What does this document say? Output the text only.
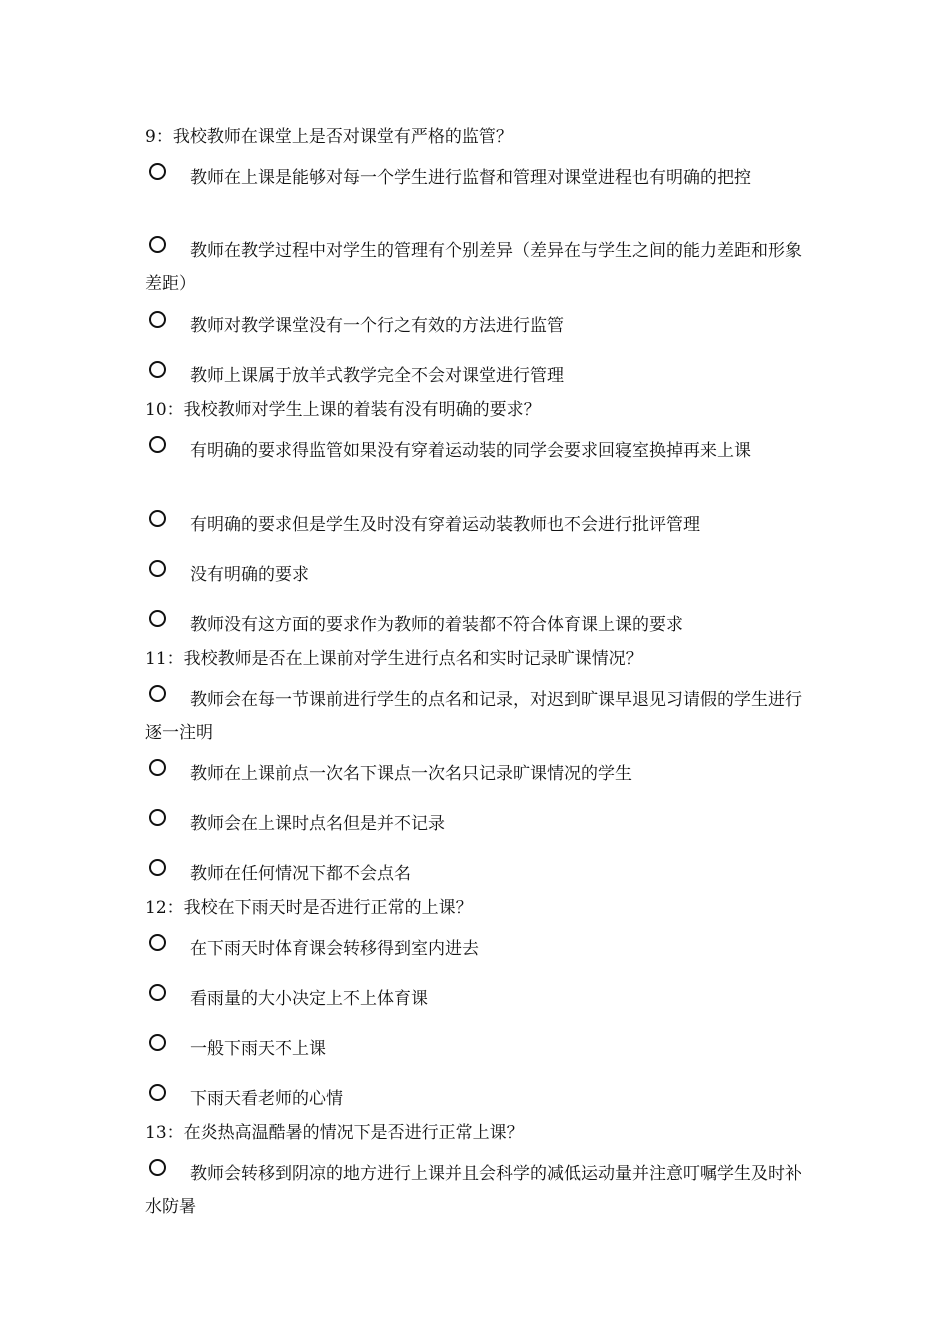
9：我校教师在课堂上是否对课堂有严格的监管？
教师在上课是能够对每一个学生进行监督和管理对课堂进程也有明确的把控
教师在教学过程中对学生的管理有个别差异（差异在与学生之间的能力差距和形象差距）
教师对教学课堂没有一个行之有效的方法进行监管
教师上课属于放羊式教学完全不会对课堂进行管理
10：我校教师对学生上课的着装有没有明确的要求？
有明确的要求得监管如果没有穿着运动装的同学会要求回寝室换掉再来上课
有明确的要求但是学生及时没有穿着运动装教师也不会进行批评管理
没有明确的要求
教师没有这方面的要求作为教师的着装都不符合体育课上课的要求
11：我校教师是否在上课前对学生进行点名和实时记录旷课情况？
教师会在每一节课前进行学生的点名和记录，对迟到旷课早退见习请假的学生进行逐一注明
教师在上课前点一次名下课点一次名只记录旷课情况的学生
教师会在上课时点名但是并不记录
教师在任何情况下都不会点名
12：我校在下雨天时是否进行正常的上课？
在下雨天时体育课会转移得到室内进去
看雨量的大小决定上不上体育课
一般下雨天不上课
下雨天看老师的心情
13：在炎热高温酷暑的情况下是否进行正常上课？
教师会转移到阴凉的地方进行上课并且会科学的减低运动量并注意叮嘱学生及时补水防暑
